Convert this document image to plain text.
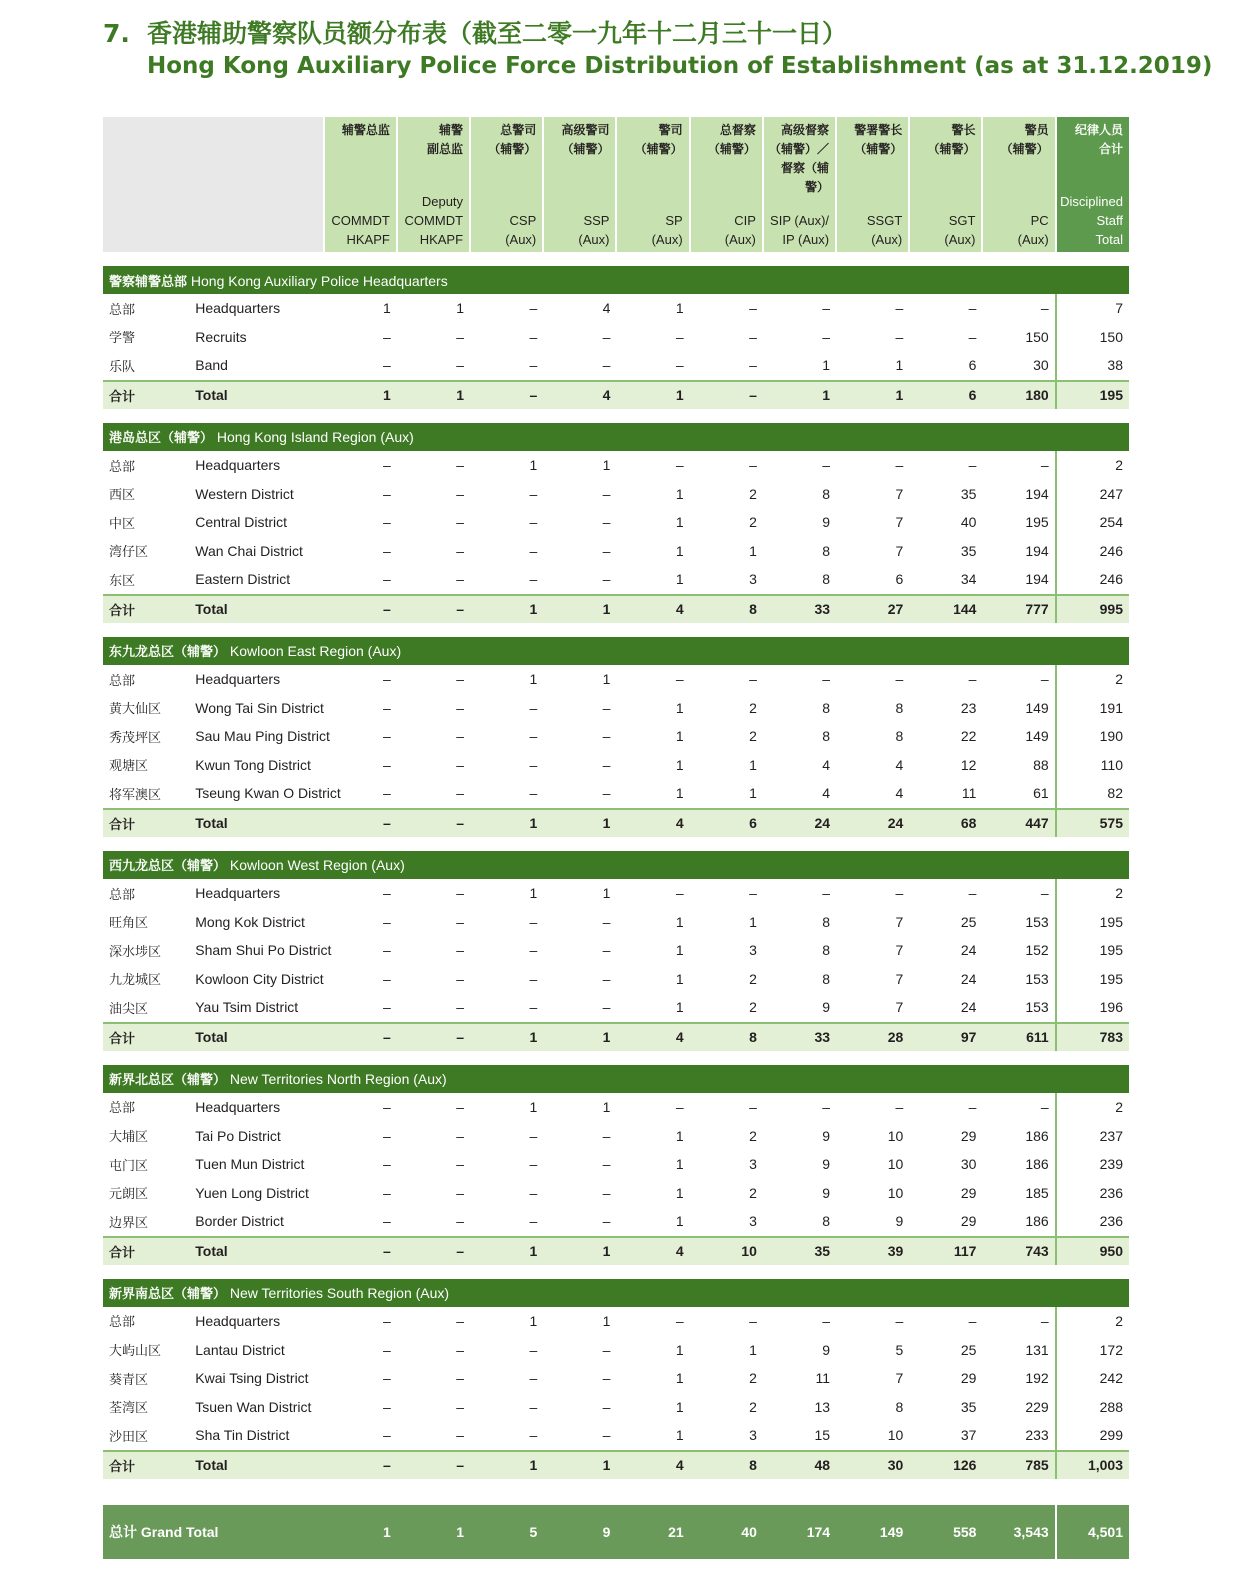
7. 香港辅助警察队员额分布表（截至二零一九年十二月三十一日）
Hong Kong Auxiliary Police Force Distribution of Establishment (as at 31.12.2019)

		辅警总监
COMMDT
HKAPF	辅警
副总监
Deputy
COMMDT
HKAPF	总警司
（辅警）
CSP
(Aux)	高级警司
（辅警）
SSP
(Aux)	警司
（辅警）
SP
(Aux)	总督察
（辅警）
CIP
(Aux)	高级督察
（辅警）／
督察（辅警）
SIP (Aux)/
IP (Aux)	警署警长
（辅警）
SSGT
(Aux)	警长
（辅警）
SGT
(Aux)	警员
（辅警）
PC
(Aux)	纪律人员
合计
Disciplined
Staff
Total

警察辅警总部 Hong Kong Auxiliary Police Headquarters												
总部	Headquarters	1	1	–	4	1	–	–	–	–	–	7
学警	Recruits	–	–	–	–	–	–	–	–	–	150	150
乐队	Band	–	–	–	–	–	–	1	1	6	30	38
合计	Total	1	1	–	4	1	–	1	1	6	180	195

港岛总区（辅警） Hong Kong Island Region (Aux)												
总部	Headquarters	–	–	1	1	–	–	–	–	–	–	2
西区	Western District	–	–	–	–	1	2	8	7	35	194	247
中区	Central District	–	–	–	–	1	2	9	7	40	195	254
湾仔区	Wan Chai District	–	–	–	–	1	1	8	7	35	194	246
东区	Eastern District	–	–	–	–	1	3	8	6	34	194	246
合计	Total	–	–	1	1	4	8	33	27	144	777	995

东九龙总区（辅警） Kowloon East Region (Aux)												
总部	Headquarters	–	–	1	1	–	–	–	–	–	–	2
黄大仙区	Wong Tai Sin District	–	–	–	–	1	2	8	8	23	149	191
秀茂坪区	Sau Mau Ping District	–	–	–	–	1	2	8	8	22	149	190
观塘区	Kwun Tong District	–	–	–	–	1	1	4	4	12	88	110
将军澳区	Tseung Kwan O District	–	–	–	–	1	1	4	4	11	61	82
合计	Total	–	–	1	1	4	6	24	24	68	447	575

西九龙总区（辅警） Kowloon West Region (Aux)												
总部	Headquarters	–	–	1	1	–	–	–	–	–	–	2
旺角区	Mong Kok District	–	–	–	–	1	1	8	7	25	153	195
深水埗区	Sham Shui Po District	–	–	–	–	1	3	8	7	24	152	195
九龙城区	Kowloon City District	–	–	–	–	1	2	8	7	24	153	195
油尖区	Yau Tsim District	–	–	–	–	1	2	9	7	24	153	196
合计	Total	–	–	1	1	4	8	33	28	97	611	783

新界北总区（辅警） New Territories North Region (Aux)												
总部	Headquarters	–	–	1	1	–	–	–	–	–	–	2
大埔区	Tai Po District	–	–	–	–	1	2	9	10	29	186	237
屯门区	Tuen Mun District	–	–	–	–	1	3	9	10	30	186	239
元朗区	Yuen Long District	–	–	–	–	1	2	9	10	29	185	236
边界区	Border District	–	–	–	–	1	3	8	9	29	186	236
合计	Total	–	–	1	1	4	10	35	39	117	743	950

新界南总区（辅警） New Territories South Region (Aux)												
总部	Headquarters	–	–	1	1	–	–	–	–	–	–	2
大屿山区	Lantau District	–	–	–	–	1	1	9	5	25	131	172
葵青区	Kwai Tsing District	–	–	–	–	1	2	11	7	29	192	242
荃湾区	Tsuen Wan District	–	–	–	–	1	2	13	8	35	229	288
沙田区	Sha Tin District	–	–	–	–	1	3	15	10	37	233	299
合计	Total	–	–	1	1	4	8	48	30	126	785	1,003

总计 Grand Total		1	1	5	9	21	40	174	149	558	3,543	4,501
